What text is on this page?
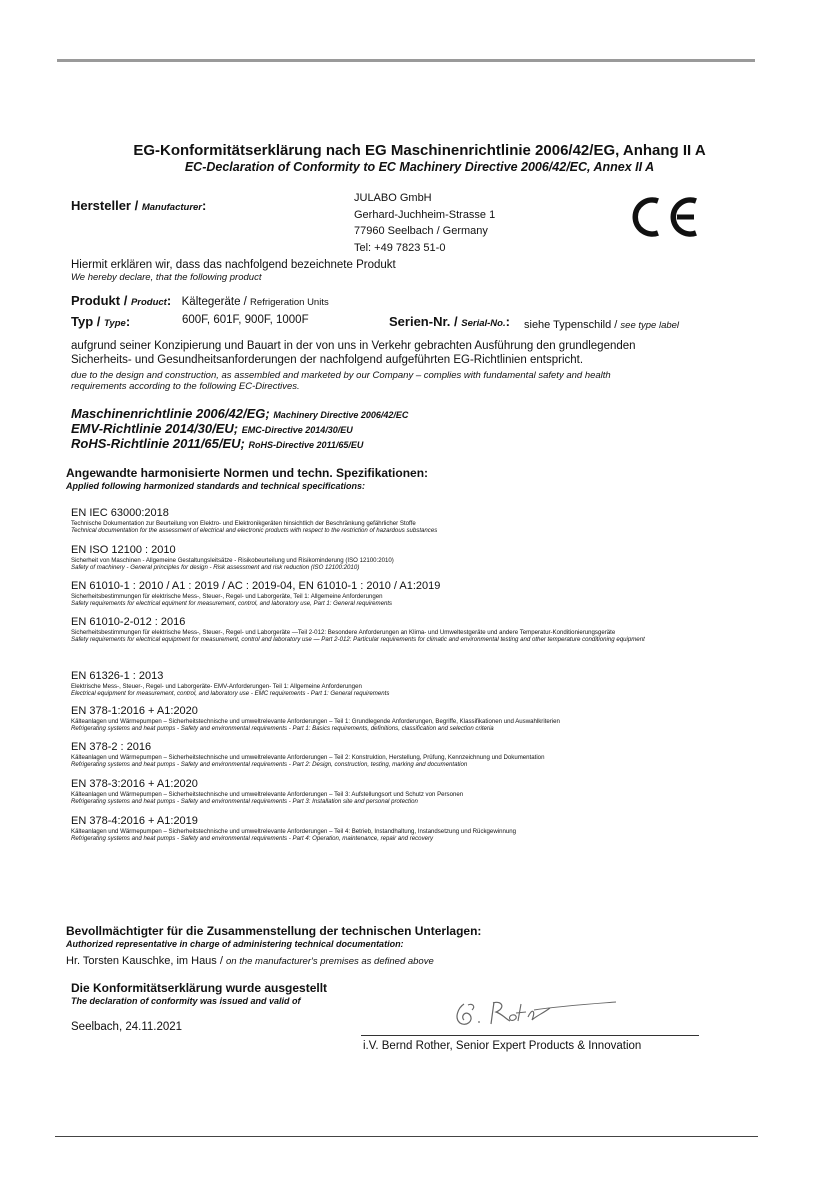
EG-Konformitätserklärung nach EG Maschinenrichtlinie 2006/42/EG, Anhang II A
EC-Declaration of Conformity to EC Machinery Directive 2006/42/EC, Annex II A
Hersteller / Manufacturer:	JULABO GmbH
Gerhard-Juchheim-Strasse 1
77960 Seelbach / Germany
Tel: +49 7823 51-0
Hiermit erklären wir, dass das nachfolgend bezeichnete Produkt
We hereby declare, that the following product
Produkt / Product: Kältegeräte / Refrigeration Units
Typ / Type:	600F, 601F, 900F, 1000F	Serien-Nr. / Serial-No.: siehe Typenschild / see type label
aufgrund seiner Konzipierung und Bauart in der von uns in Verkehr gebrachten Ausführung den grundlegenden
Sicherheits- und Gesundheitsanforderungen der nachfolgend aufgeführten EG-Richtlinien entspricht.
due to the design and construction, as assembled and marketed by our Company – complies with fundamental safety and health
requirements according to the following EC-Directives.
Maschinenrichtlinie 2006/42/EG; Machinery Directive 2006/42/EC
EMV-Richtlinie 2014/30/EU; EMC-Directive 2014/30/EU
RoHS-Richtlinie 2011/65/EU; RoHS-Directive 2011/65/EU
Angewandte harmonisierte Normen und techn. Spezifikationen:
Applied following harmonized standards and technical specifications:
EN IEC 63000:2018
Technische Dokumentation zur Beurteilung von Elektro- und Elektronikgeräten hinsichtlich der Beschränkung gefährlicher Stoffe
Technical documentation for the assessment of electrical and electronic products with respect to the restriction of hazardous substances
EN ISO 12100 : 2010
Sicherheit von Maschinen - Allgemeine Gestaltungsleitsätze - Risikobeurteilung und Risikominderung (ISO 12100:2010)
Safety of machinery - General principles for design - Risk assessment and risk reduction (ISO 12100:2010)
EN 61010-1 : 2010 / A1 : 2019 / AC : 2019-04, EN 61010-1 : 2010 / A1:2019
Sicherheitsbestimmungen für elektrische Mess-, Steuer-, Regel- und Laborgeräte, Teil 1: Allgemeine Anforderungen
Safety requirements for electrical equiment for measurement, control, and laboratory use, Part 1: General requirements
EN 61010-2-012 : 2016
Sicherheitsbestimmungen für elektrische Mess-, Steuer-, Regel- und Laborgeräte —Teil 2-012: Besondere Anforderungen an Klima- und Umweltestgeräte und andere Temperatur-Konditionierungsgeräte
Safety requirements for electrical equipment for measurement, control and laboratory use — Part 2-012: Particular requirements for climatic and environmental testing and other temperature conditioning equipment
EN 61326-1 : 2013
Elektrische Mess-, Steuer-, Regel- und Laborgeräte- EMV-Anforderungen- Teil 1: Allgemeine Anforderungen
Electrical equipment for measurement, control, and laboratory use - EMC requirements - Part 1: General requirements
EN 378-1:2016 + A1:2020
Kälteanlagen und Wärmepumpen – Sicherheitstechnische und umweltrelevante Anforderungen – Teil 1: Grundlegende Anforderungen, Begriffe, Klassifikationen und Auswahlkriterien
Refrigerating systems and heat pumps - Safety and environmental requirements - Part 1: Basics requirements, definitions, classification and selection criteria
EN 378-2 : 2016
Kälteanlagen und Wärmepumpen – Sicherheitstechnische und umweltrelevante Anforderungen – Teil 2: Konstruktion, Herstellung, Prüfung, Kennzeichnung und Dokumentation
Refrigerating systems and heat pumps - Safety and environmental requirements - Part 2: Design, construction, testing, marking and documentation
EN 378-3:2016 + A1:2020
Kälteanlagen und Wärmepumpen – Sicherheitstechnische und umweltrelevante Anforderungen – Teil 3: Aufstellungsort und Schutz von Personen
Refrigerating systems and heat pumps - Safety and environmental requirements - Part 3: Installation site and personal protection
EN 378-4:2016 + A1:2019
Kälteanlagen und Wärmepumpen – Sicherheitstechnische und umweltrelevante Anforderungen – Teil 4: Betrieb, Instandhaltung, Instandsetzung und Rückgewinnung
Refrigerating systems and heat pumps - Safety and environmental requirements - Part 4: Operation, maintenance, repair and recovery
Bevollmächtigter für die Zusammenstellung der technischen Unterlagen:
Authorized representative in charge of administering technical documentation:
Hr. Torsten Kauschke, im Haus / on the manufacturer's premises as defined above
Die Konformitätserklärung wurde ausgestellt
The declaration of conformity was issued and valid of
Seelbach, 24.11.2021
i.V. Bernd Rother, Senior Expert Products & Innovation
